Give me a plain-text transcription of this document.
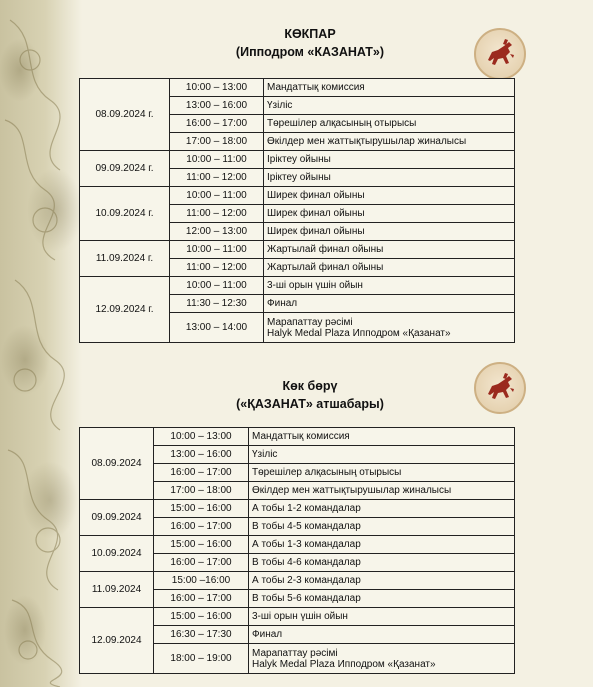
КӨКПАР
(Ипподром «КАЗАНАТ»)
08.09.2024 г.	10:00 – 13:00	Мандаттық комиссия
	13:00 – 16:00	Үзіліс
	16:00 – 17:00	Төрешілер алқасының отырысы
	17:00 – 18:00	Өкілдер мен жаттықтырушылар жиналысы
09.09.2024 г.	10:00 – 11:00	Іріктеу ойыны
	11:00 – 12:00	Іріктеу ойыны
10.09.2024 г.	10:00 – 11:00	Ширек финал ойыны
	11:00 – 12:00	Ширек финал ойыны
	12:00 – 13:00	Ширек финал ойыны
11.09.2024 г.	10:00 – 11:00	Жартылай финал ойыны
	11:00 – 12:00	Жартылай финал ойыны
12.09.2024 г.	10:00 – 11:00	3-ші орын үшін ойын
	11:30 – 12:30	Финал
	13:00 – 14:00	Марапаттау рәсімі
Halyk Medal Plaza Ипподром «Қазанат»
Көк бөрү
(«ҚАЗАНАТ» атшабары)
08.09.2024	10:00 – 13:00	Мандаттық комиссия
	13:00 – 16:00	Үзіліс
	16:00 – 17:00	Төрешілер алқасының отырысы
	17:00 – 18:00	Өкілдер мен жаттықтырушылар жиналысы
09.09.2024	15:00 – 16:00	А тобы 1-2 командалар
	16:00 – 17:00	В тобы 4-5 командалар
10.09.2024	15:00 – 16:00	А тобы 1-3 командалар
	16:00 – 17:00	В тобы 4-6 командалар
11.09.2024	15:00 –16:00	А тобы 2-3 командалар
	16:00 – 17:00	В тобы 5-6 командалар
12.09.2024	15:00 – 16:00	3-ші орын үшін ойын
	16:30 – 17:30	Финал
	18:00 – 19:00	Марапаттау рәсімі
Halyk Medal Plaza Ипподром «Қазанат»
